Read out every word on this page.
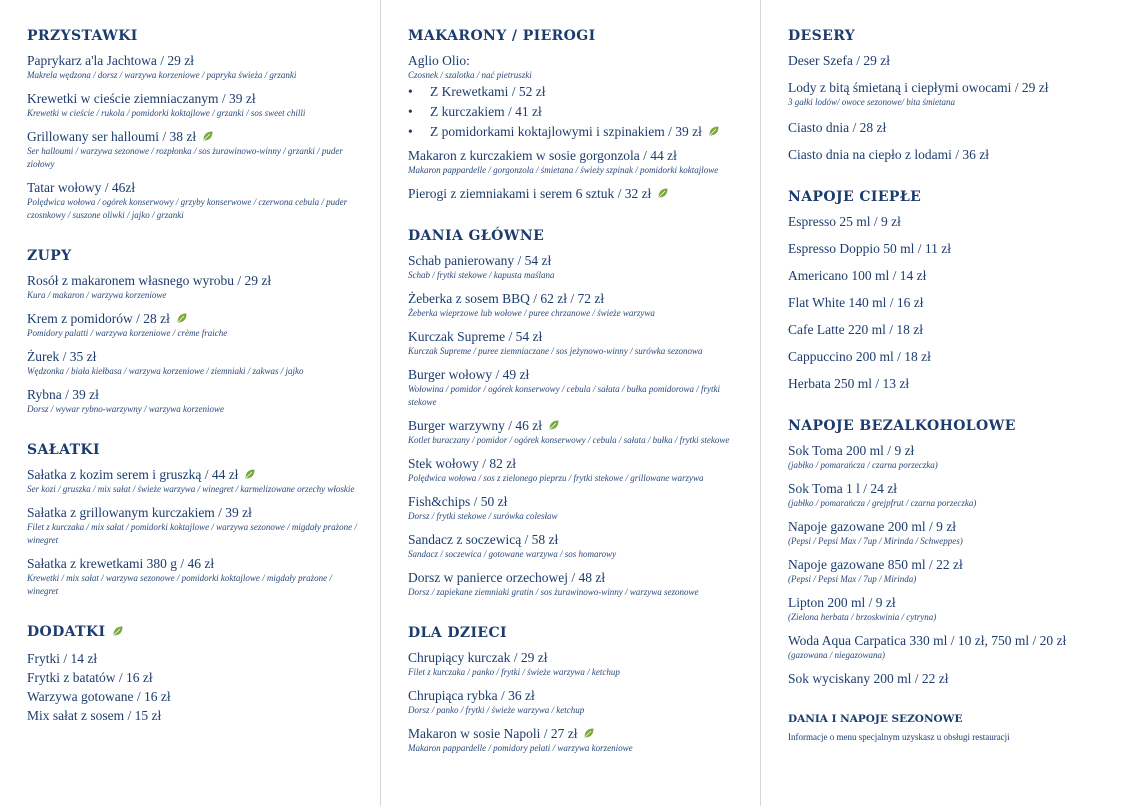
PRZYSTAWKI
Paprykarz a'la Jachtowa / 29 zł
Makrela wędzona / dorsz / warzywa korzeniowe / papryka świeża / grzanki
Krewetki w cieście ziemniaczanym / 39 zł
Krewetki w cieście / rukola / pomidorki koktajlowe / grzanki / sos sweet chilli
Grillowany ser halloumi / 38 zł
Ser halloumi / warzywa sezonowe / rozpłonka / sos żurawinowo-winny / grzanki / puder ziołowy
Tatar wołowy / 46zł
Polędwica wołowa / ogórek konserwowy / grzyby konserwowe / czerwona cebula / puder czosnkowy / suszone oliwki / jajko / grzanki
ZUPY
Rosół z makaronem własnego wyrobu / 29 zł
Kura / makaron / warzywa korzeniowe
Krem z pomidorów / 28 zł
Pomidory palatti / warzywa korzeniowe / crème fraiche
Żurek / 35 zł
Wędzonka / biała kiełbasa / warzywa korzeniowe / ziemniaki / zakwas / jajko
Rybna / 39 zł
Dorsz / wywar rybno-warzywny / warzywa korzeniowe
SAŁATKI
Sałatka z kozim serem i gruszką / 44 zł
Ser kozi / gruszka / mix sałat / świeże warzywa / winegret / karmelizowane orzechy włoskie
Sałatka z grillowanym kurczakiem / 39 zł
Filet z kurczaka / mix sałat / pomidorki koktajlowe / warzywa sezonowe / migdały prażone / winegret
Sałatka z krewetkami 380 g / 46 zł
Krewetki / mix sałat / warzywa sezonowe / pomidorki koktajlowe / migdały prażone / winegret
DODATKI
Frytki / 14 zł
Frytki z batatów / 16 zł
Warzywa gotowane / 16 zł
Mix sałat z sosem / 15 zł
MAKARONY / PIEROGI
Aglio Olio:
Czosnek / szalotka / nać pietruszki
• Z Krewetkami / 52 zł
• Z kurczakiem / 41 zł
• Z pomidorkami koktajlowymi i szpinakiem / 39 zł
Makaron z kurczakiem w sosie gorgonzola / 44 zł
Makaron pappardelle / gorgonzola / śmietana / świeży szpinak / pomidorki koktajlowe
Pierogi z ziemniakami i serem 6 sztuk / 32 zł
DANIA GŁÓWNE
Schab panierowany / 54 zł
Schab / frytki stekowe / kapusta maślana
Żeberka z sosem BBQ / 62 zł / 72 zł
Żeberka wieprzowe lub wołowe / puree chrzanowe / świeże warzywa
Kurczak Supreme / 54 zł
Kurczak Supreme / puree ziemniaczane / sos jeżynowo-winny / surówka sezonowa
Burger wołowy / 49 zł
Wołowina / pomidor / ogórek konserwowy / cebula / sałata / bułka pomidorowa / frytki stekowe
Burger warzywny / 46 zł
Kotlet buraczany / pomidor / ogórek konserwowy / cebula / sałata / bułka / frytki stekowe
Stek wołowy / 82 zł
Polędwica wołowa / sos z zielonego pieprzu / frytki stekowe / grillowane warzywa
Fish&chips / 50 zł
Dorsz / frytki stekowe / surówka colesław
Sandacz z soczewicą / 58 zł
Sandacz / soczewica / gotowane warzywa / sos homarowy
Dorsz w panierce orzechowej / 48 zł
Dorsz / zapiekane ziemniaki gratin / sos żurawinowo-winny / warzywa sezonowe
DLA DZIECI
Chrupiący kurczak / 29 zł
Filet z kurczaka / panko / frytki / świeże warzywa / ketchup
Chrupiąca rybka / 36 zł
Dorsz / panko / frytki / świeże warzywa / ketchup
Makaron w sosie Napoli / 27 zł
Makaron pappardelle / pomidory pelati / warzywa korzeniowe
DESERY
Deser Szefa / 29 zł
Lody z bitą śmietaną i ciepłymi owocami / 29 zł
3 gałki lodów/ owoce sezonowe/ bita śmietana
Ciasto dnia / 28 zł
Ciasto dnia na ciepło z lodami / 36 zł
NAPOJE CIEPŁE
Espresso 25 ml / 9 zł
Espresso Doppio 50 ml / 11 zł
Americano 100 ml / 14 zł
Flat White 140 ml / 16 zł
Cafe Latte 220 ml / 18 zł
Cappuccino 200 ml / 18 zł
Herbata 250 ml / 13 zł
NAPOJE BEZALKOHOLOWE
Sok Toma 200 ml / 9 zł
(jabłko / pomarańcza / czarna porzeczka)
Sok Toma 1 l / 24 zł
(jabłko / pomarańcza / grejpfrut / czarna porzeczka)
Napoje gazowane 200 ml / 9 zł
(Pepsi / Pepsi Max / 7up / Mirinda / Schweppes)
Napoje gazowane 850 ml / 22 zł
(Pepsi / Pepsi Max / 7up / Mirinda)
Lipton 200 ml / 9 zł
(Zielona herbata / brzoskwinia / cytryna)
Woda Aqua Carpatica 330 ml / 10 zł, 750 ml / 20 zł
(gazowana / niegazowana)
Sok wyciskany 200 ml / 22 zł
DANIA I NAPOJE SEZONOWE
Informacje o menu specjalnym uzyskasz u obsługi restauracji
